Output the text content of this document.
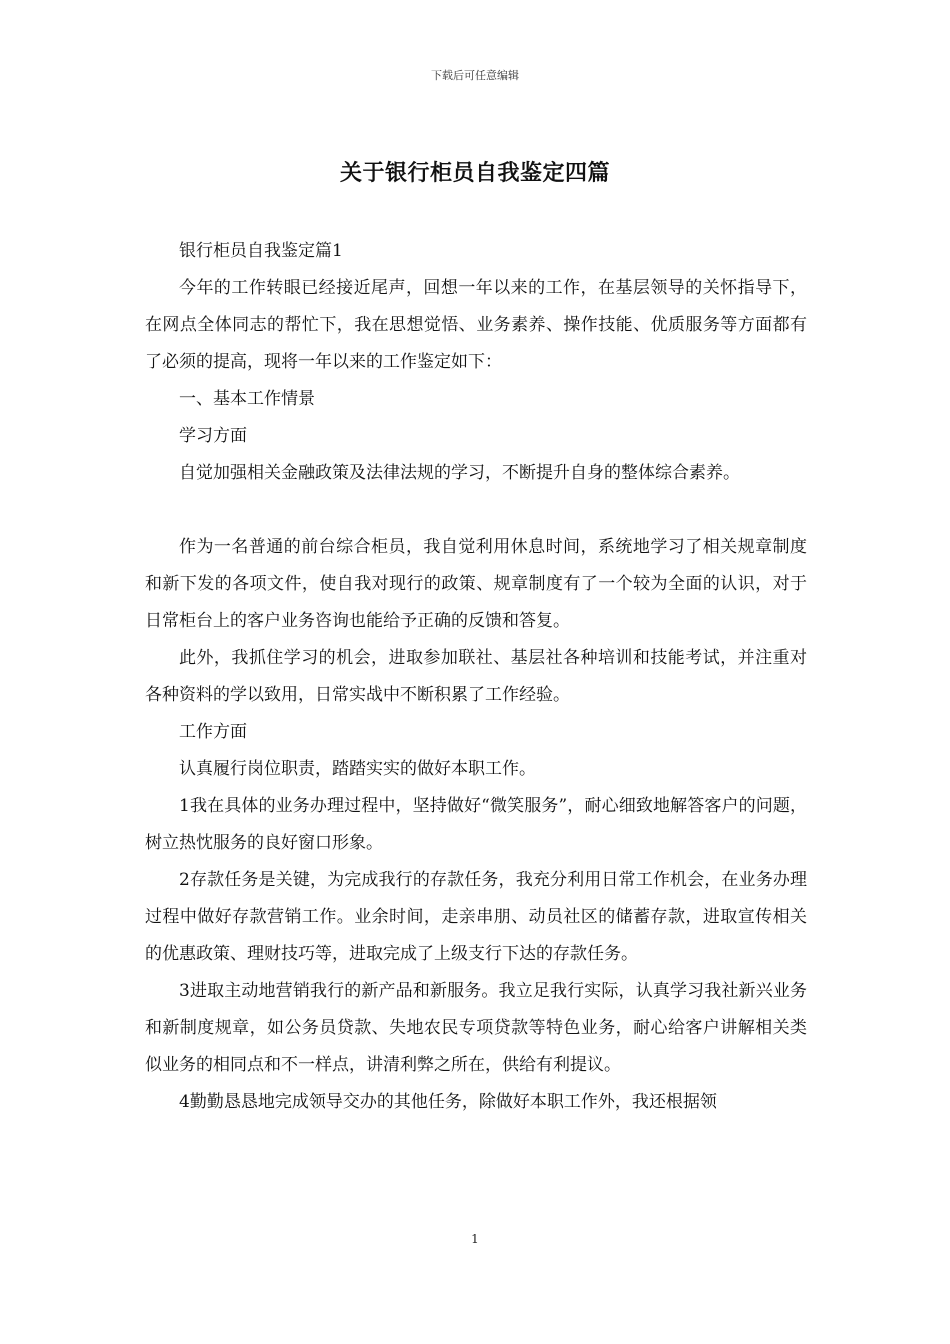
下载后可任意编辑
关于银行柜员自我鉴定四篇

银行柜员自我鉴定篇1

今年的工作转眼已经接近尾声，回想一年以来的工作，在基层领导的关怀指导下，在网点全体同志的帮忙下，我在思想觉悟、业务素养、操作技能、优质服务等方面都有了必须的提高，现将一年以来的工作鉴定如下：

一、基本工作情景

学习方面

自觉加强相关金融政策及法律法规的学习，不断提升自身的整体综合素养。

作为一名普通的前台综合柜员，我自觉利用休息时间，系统地学习了相关规章制度和新下发的各项文件，使自我对现行的政策、规章制度有了一个较为全面的认识，对于日常柜台上的客户业务咨询也能给予正确的反馈和答复。

此外，我抓住学习的机会，进取参加联社、基层社各种培训和技能考试，并注重对各种资料的学以致用，日常实战中不断积累了工作经验。

工作方面

认真履行岗位职责，踏踏实实的做好本职工作。

1我在具体的业务办理过程中，坚持做好“微笑服务”，耐心细致地解答客户的问题，树立热忱服务的良好窗口形象。

2存款任务是关键，为完成我行的存款任务，我充分利用日常工作机会，在业务办理过程中做好存款营销工作。业余时间，走亲串朋、动员社区的储蓄存款，进取宣传相关的优惠政策、理财技巧等，进取完成了上级支行下达的存款任务。

3进取主动地营销我行的新产品和新服务。我立足我行实际，认真学习我社新兴业务和新制度规章，如公务员贷款、失地农民专项贷款等特色业务，耐心给客户讲解相关类似业务的相同点和不一样点，讲清利弊之所在，供给有利提议。

4勤勤恳恳地完成领导交办的其他任务，除做好本职工作外，我还根据领

1
